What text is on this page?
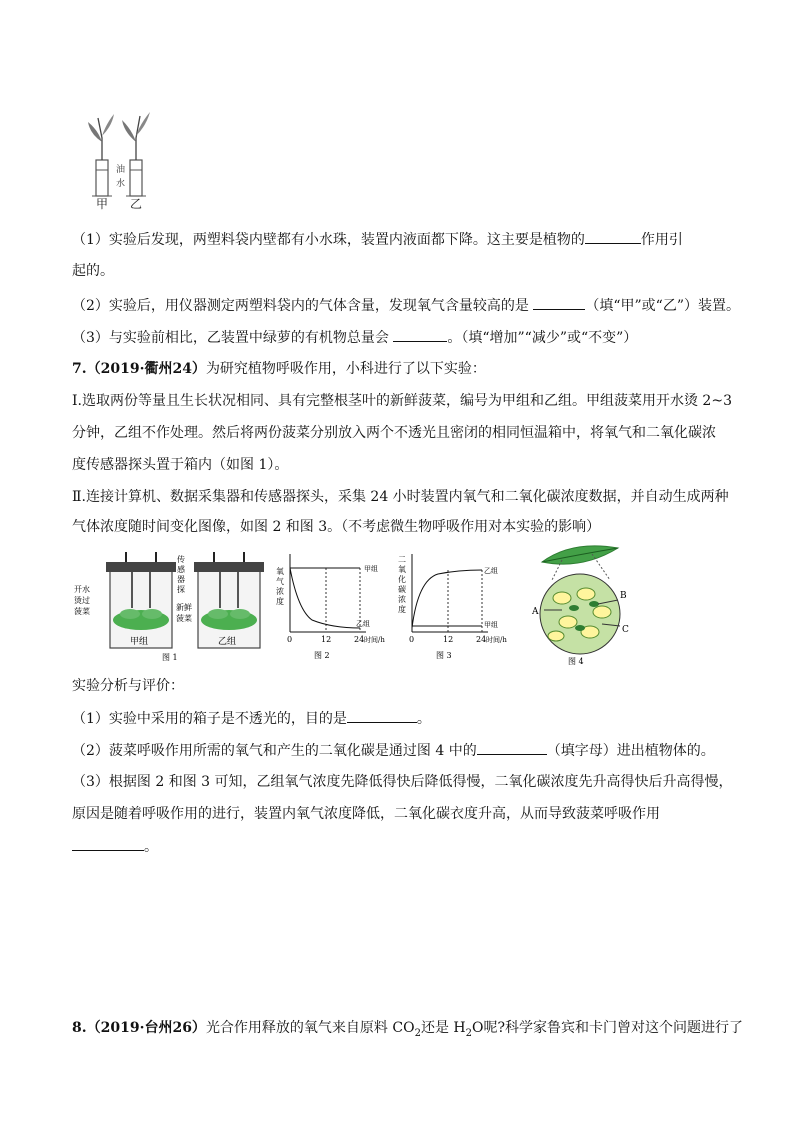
油
水
甲 乙
（1）实验后发现，两塑料袋内壁都有小水珠，装置内液面都下降。这主要是植物的	作用引
起的。
（2）实验后，用仪器测定两塑料袋内的气体含量，发现氧气含量较高的是	（填“甲”或“乙”）装置。
（3）与实验前相比，乙装置中绿萝的有机物总量会	。（填“增加”“减少”或“不变”）
7.（2019·衢州24）为研究植物呼吸作用，小科进行了以下实验：
Ⅰ.选取两份等量且生长状况相同、具有完整根茎叶的新鲜菠菜，编号为甲组和乙组。甲组菠菜用开水烫 2~3
分钟，乙组不作处理。然后将两份菠菜分别放入两个不透光且密闭的相同恒温箱中，将氧气和二氧化碳浓
度传感器探头置于箱内（如图 1）。
Ⅱ.连接计算机、数据采集器和传感器探头，采集 24 小时装置内氧气和二氧化碳浓度数据，并自动生成两种
气体浓度随时间变化图像，如图 2 和图 3。（不考虑微生物呼吸作用对本实验的影响）
开水
烫过
菠菜
传
感
器
探
新鲜
菠菜
甲组	乙组
图 1
氧
气
浓
度
甲组
乙组
0	12	24 时间/h
图 2
二
氧
化
碳
浓
度
乙组
甲组
0	12	24 时间/h
图 3
A
B
C
图 4
实验分析与评价：
（1）实验中采用的箱子是不透光的，目的是	。
（2）菠菜呼吸作用所需的氧气和产生的二氧化碳是通过图 4 中的	（填字母）进出植物体的。
（3）根据图 2 和图 3 可知，乙组氧气浓度先降低得快后降低得慢，二氧化碳浓度先升高得快后升高得慢，
原因是随着呼吸作用的进行，装置内氧气浓度降低，二氧化碳衣度升高，从而导致菠菜呼吸作用
。
8.（2019·台州26）光合作用释放的氧气来自原料 $CO_2$还是 $H_2O$呢?科学家鲁宾和卡门曾对这个问题进行了
